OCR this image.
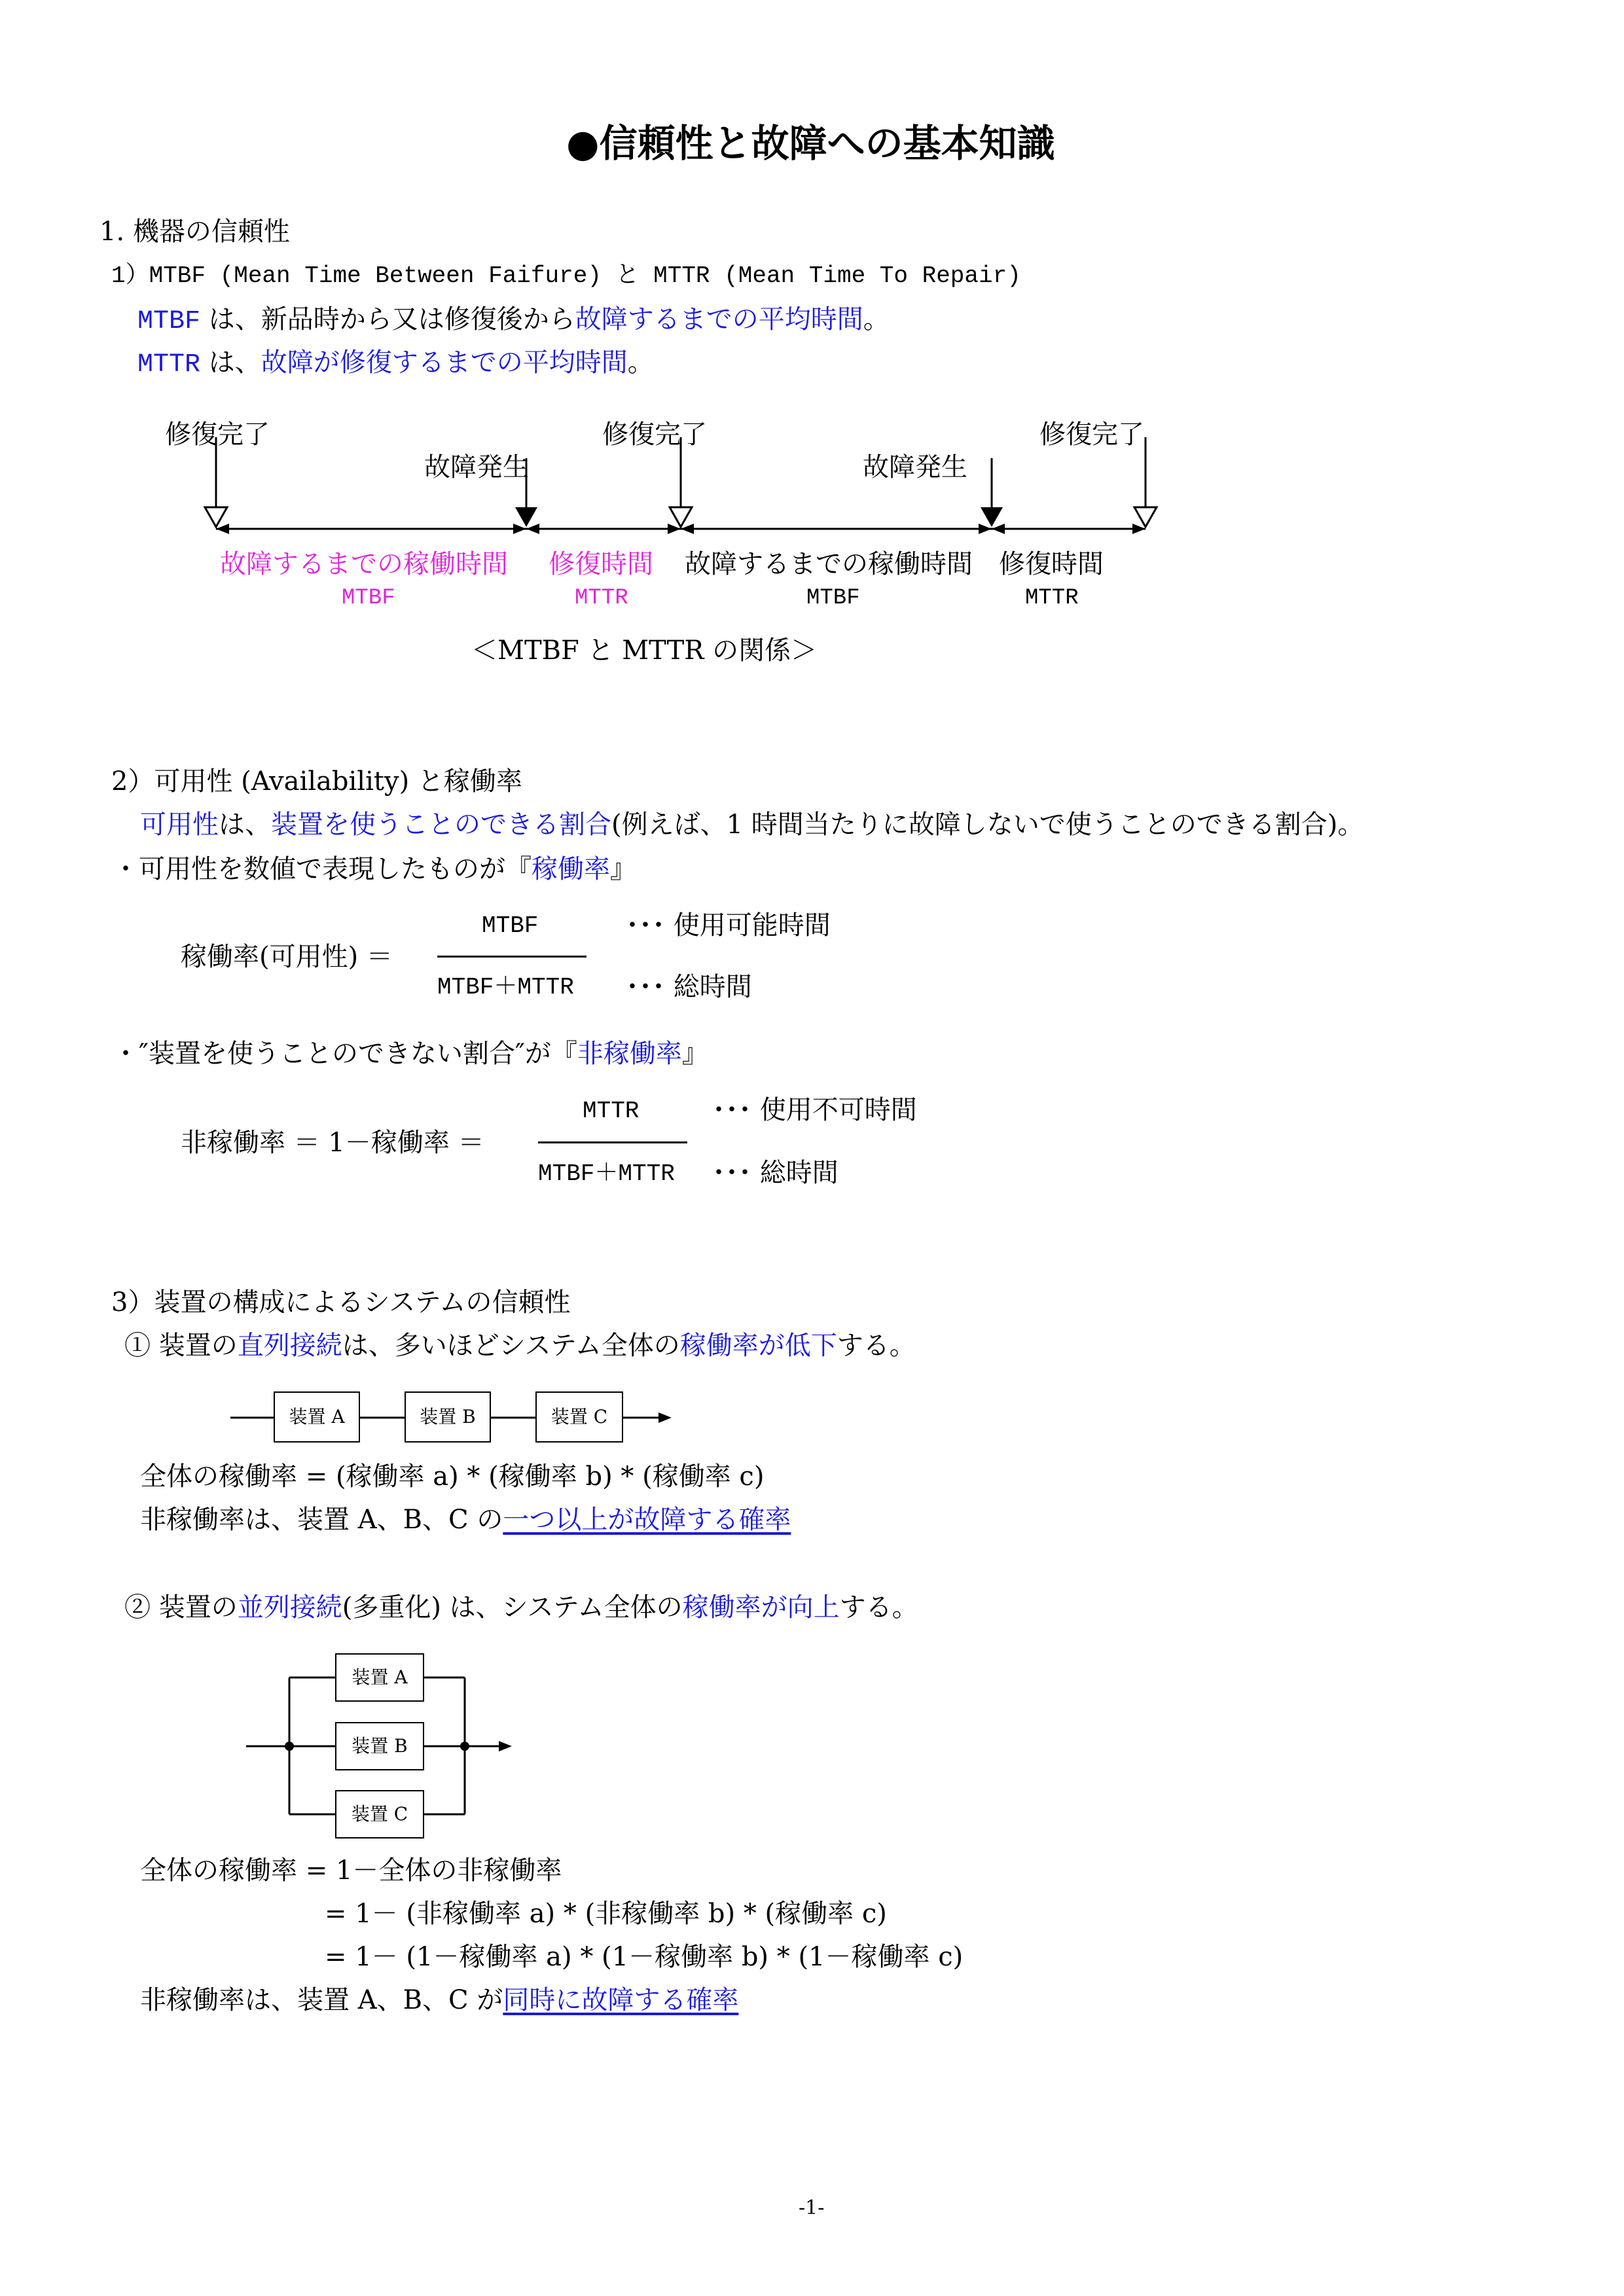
●信頼性と故障への基本知識
1. 機器の信頼性
1）MTBF (Mean Time Between Faifure) と MTTR (Mean Time To Repair)
MTBF は、新品時から又は修復後から故障するまでの平均時間。
MTTR は、故障が修復するまでの平均時間。
修復完了
故障発生
修復完了
故障発生
修復完了
故障するまでの稼働時間 修復時間 故障するまでの稼働時間 修復時間
MTBF	MTTR	MTBF	MTTR
＜MTBF と MTTR の関係＞
2）可用性 (Availability) と稼働率
可用性は、装置を使うことのできる割合(例えば、1 時間当たりに故障しないで使うことのできる割合)。
・可用性を数値で表現したものが『稼働率』
稼働率(可用性) ＝
MTBF
MTBF＋MTTR
･･･ 使用可能時間
･･･ 総時間
・″装置を使うことのできない割合″が『非稼働率』
非稼働率 ＝ 1－稼働率 ＝
MTTR
MTBF＋MTTR
･･･ 使用不可時間
･･･ 総時間
3）装置の構成によるシステムの信頼性
① 装置の直列接続は、多いほどシステム全体の稼働率が低下する。
装置 A	装置 B	装置 C
全体の稼働率 = (稼働率 a) * (稼働率 b) * (稼働率 c)
非稼働率は、装置 A、B、C の一つ以上が故障する確率
② 装置の並列接続(多重化) は、システム全体の稼働率が向上する。
装置 A
装置 B
装置 C
全体の稼働率 = 1－全体の非稼働率
= 1－ (非稼働率 a) * (非稼働率 b) * (稼働率 c)
= 1－ (1－稼働率 a) * (1－稼働率 b) * (1－稼働率 c)
非稼働率は、装置 A、B、C が同時に故障する確率
-1-
